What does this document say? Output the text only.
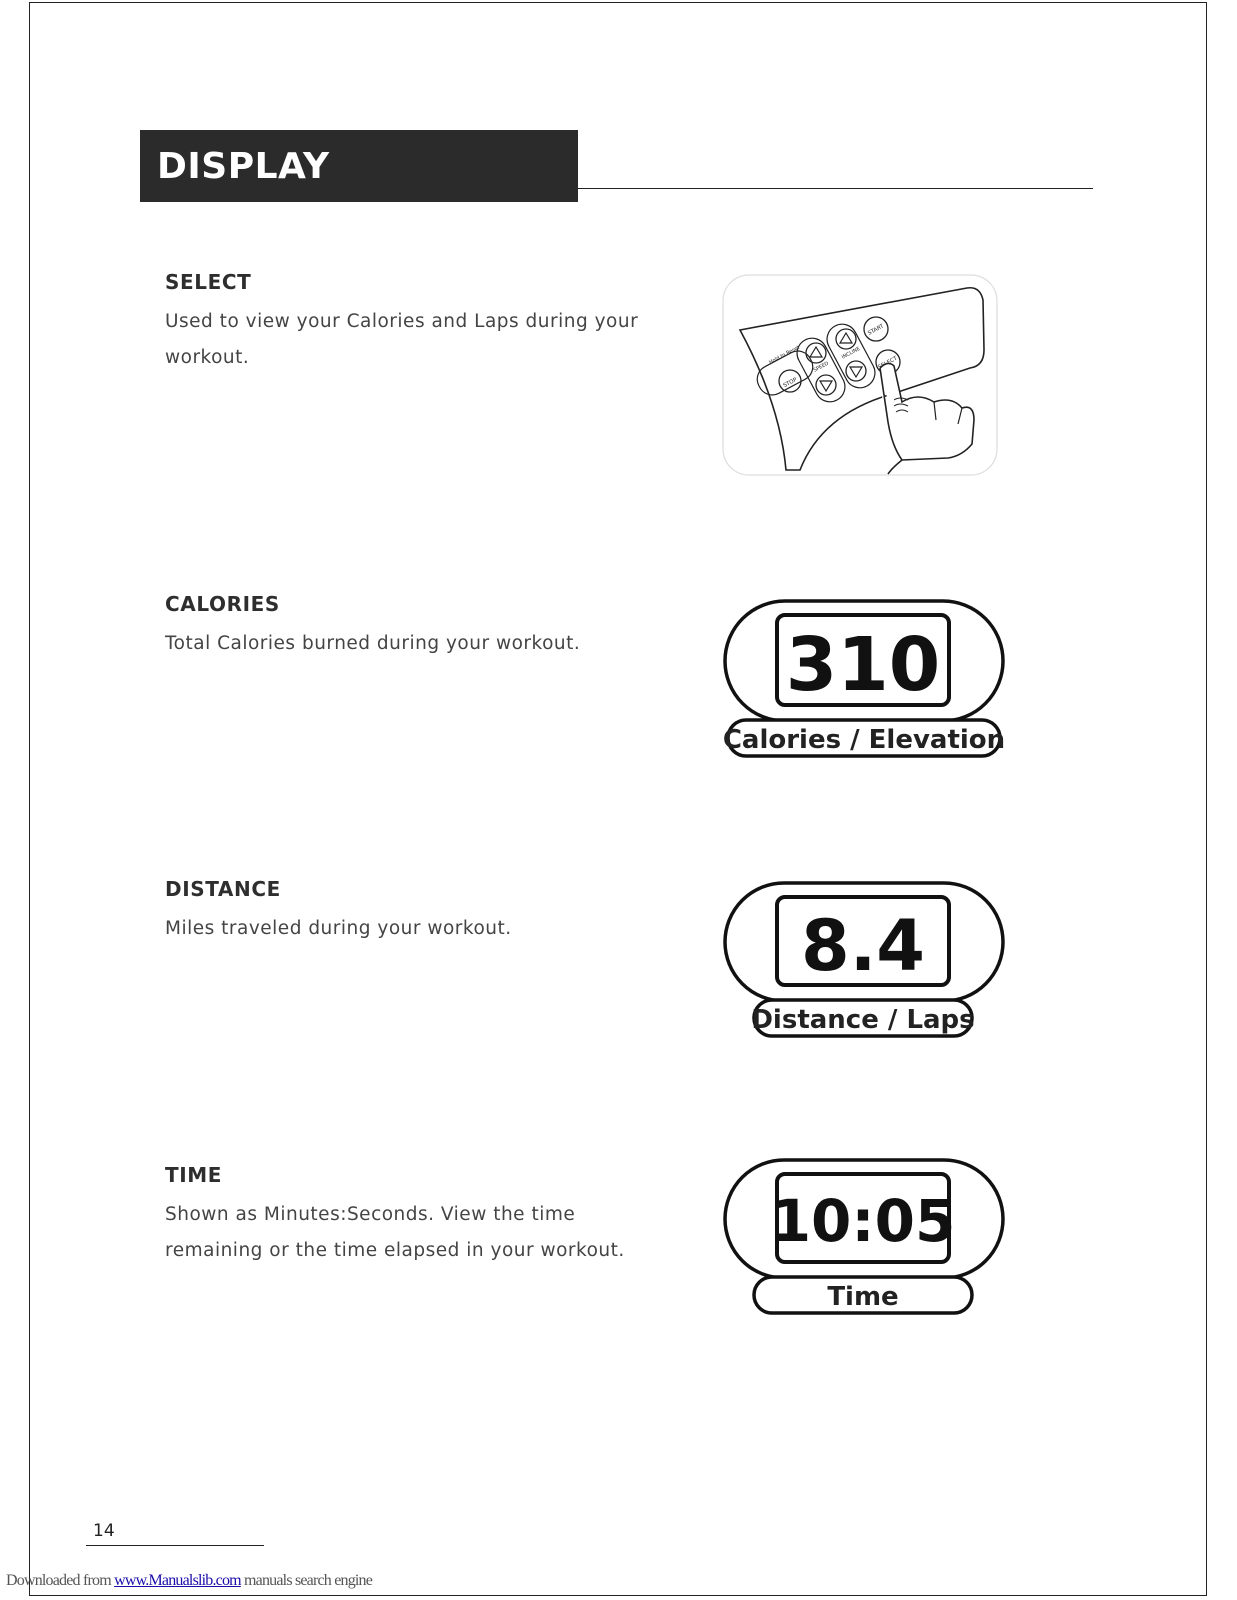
DISPLAY
SELECT

Used to view your Calories and Laps during your
workout.	Hold to Reset
STOP
SPEED
INCLINE
START
CALORIES

Total Calories burned during your workout.	310
Calories / Elevation
DISTANCE

Miles traveled during your workout.	8.4
Distance / Laps
TIME

Shown as Minutes:Seconds. View the time
remaining or the time elapsed in your workout.	10:05
Time
14
Downloaded from www.Manualslib.com manuals search engine
